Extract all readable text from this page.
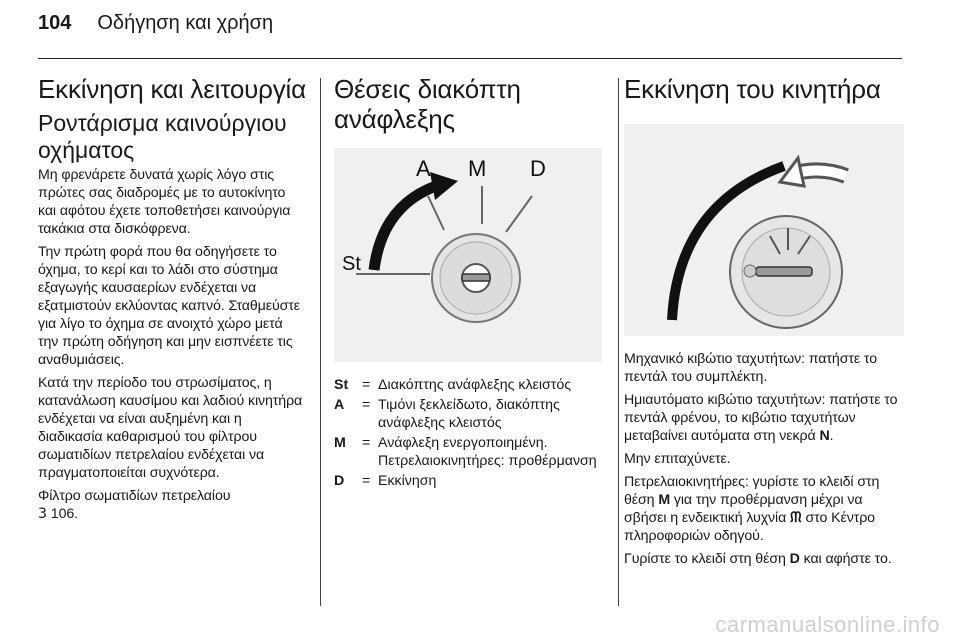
104 Οδήγηση και χρήση
Εκκίνηση και λειτουργία
Ροντάρισμα καινούργιου οχήματος

Μη φρενάρετε δυνατά χωρίς λόγο στις πρώτες σας διαδρομές με το αυτοκίνητο και αφότου έχετε τοποθετήσει καινούργια τακάκια στα δισκόφρενα.

Την πρώτη φορά που θα οδηγήσετε το όχημα, το κερί και το λάδι στο σύστημα εξαγωγής καυσαερίων ενδέχεται να εξατμιστούν εκλύοντας καπνό. Σταθμεύστε για λίγο το όχημα σε ανοιχτό χώρο μετά την πρώτη οδήγηση και μην εισπνέετε τις αναθυμιάσεις.

Κατά την περίοδο του στρωσίματος, η κατανάλωση καυσίμου και λαδιού κινητήρα ενδέχεται να είναι αυξημένη και η διαδικασία καθαρισμού του φίλτρου σωματιδίων πετρελαίου ενδέχεται να πραγματοποιείται συχνότερα.

Φίλτρο σωματιδίων πετρελαίου
3 106.

Θέσεις διακόπτη ανάφλεξης
A M D
St
St = Διακόπτης ανάφλεξης κλειστός
A	= Τιμόνι ξεκλείδωτο, διακόπτης ανάφλεξης κλειστός
M	= Ανάφλεξη ενεργοποιημένη. Πετρελαιοκινητήρες: προθέρμανση
D	= Εκκίνηση
Εκκίνηση του κινητήρα

Μηχανικό κιβώτιο ταχυτήτων: πατήστε το πεντάλ του συμπλέκτη.

Ημιαυτόματο κιβώτιο ταχυτήτων: πατήστε το πεντάλ φρένου, το κιβώτιο ταχυτήτων μεταβαίνει αυτόματα στη νεκρά N.

Μην επιταχύνετε.

Πετρελαιοκινητήρες: γυρίστε το κλειδί στη θέση M για την προθέρμανση μέχρι να σβήσει η ενδεικτική λυχνία ᙏ στο Κέντρο πληροφοριών οδηγού.

Γυρίστε το κλειδί στη θέση D και αφήστε το.

carmanualsonline.info
